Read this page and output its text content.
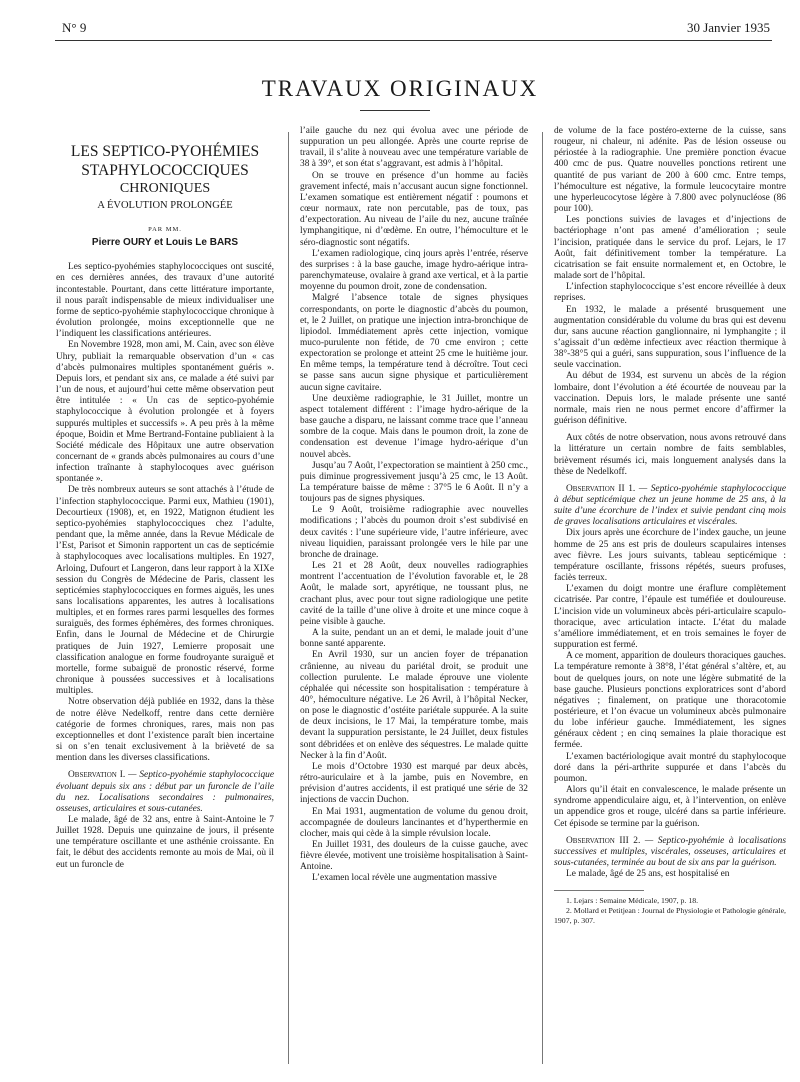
N° 9	30 Janvier 1935
TRAVAUX ORIGINAUX
LES SEPTICO-PYOHÉMIES
STAPHYLOCOCCIQUES
CHRONIQUES
A ÉVOLUTION PROLONGÉE
PAR MM.
Pierre OURY et Louis Le BARS

Les septico-pyohémies staphylococciques ont suscité, en ces dernières années, des travaux d’une autorité incontestable. Pourtant, dans cette littérature importante, il nous paraît indispensable de mieux individualiser une forme de septico-pyohémie staphylococcique chronique à évolution prolongée, moins exceptionnelle que ne l’indiquent les classifications antérieures.

En Novembre 1928, mon ami, M. Cain, avec son élève Uhry, publiait la remarquable observation d’un « cas d’abcès pulmonaires multiples spontanément guéris ». Depuis lors, et pendant six ans, ce malade a été suivi par l’un de nous, et aujourd’hui cette même observation peut être intitulée : « Un cas de septico-pyohémie staphylococcique à évolution prolongée et à foyers suppurés multiples et successifs ». A peu près à la même époque, Boidin et Mme Bertrand-Fontaine publiaient à la Société médicale des Hôpitaux une autre observation concernant de « grands abcès pulmonaires au cours d’une infection traînante à staphylocoques avec guérison spontanée ».

De très nombreux auteurs se sont attachés à l’étude de l’infection staphylococcique. Parmi eux, Mathieu (1901), Decourtieux (1908), et, en 1922, Matignon étudient les septico-pyohémies staphylococciques chez l’adulte, pendant que, la même année, dans la Revue Médicale de l’Est, Parisot et Simonin rapportent un cas de septicémie à staphylocoques avec localisations multiples. En 1927, Arloing, Dufourt et Langeron, dans leur rapport à la XIXe session du Congrès de Médecine de Paris, classent les septicémies staphylococciques en formes aiguës, les unes sans localisations apparentes, les autres à localisations multiples, et en formes rares parmi lesquelles des formes suraiguës, des formes éphémères, des formes chroniques. Enfin, dans le Journal de Médecine et de Chirurgie pratiques de Juin 1927, Lemierre proposait une classification analogue en forme foudroyante suraiguë et mortelle, forme subaiguë de pronostic réservé, forme chronique à poussées successives et à localisations multiples.

Notre observation déjà publiée en 1932, dans la thèse de notre élève Nedelkoff, rentre dans cette dernière catégorie de formes chroniques, rares, mais non pas exceptionnelles et dont l’existence paraît bien incertaine si on s’en tenait exclusivement à la brièveté de sa mention dans les diverses classifications.

Observation I. — Septico-pyohémie staphylococcique évoluant depuis six ans : début par un furoncle de l’aile du nez. Localisations secondaires : pulmonaires, osseuses, articulaires et sous-cutanées.

Le malade, âgé de 32 ans, entre à Saint-Antoine le 7 Juillet 1928. Depuis une quinzaine de jours, il présente une température oscillante et une asthénie croissante. En fait, le début des accidents remonte au mois de Mai, où il eut un furoncle de

l’aile gauche du nez qui évolua avec une période de suppuration un peu allongée. Après une courte reprise de travail, il s’alite à nouveau avec une température variable de 38 à 39°, et son état s’aggravant, est admis à l’hôpital.

On se trouve en présence d’un homme au faciès gravement infecté, mais n’accusant aucun signe fonctionnel. L’examen somatique est entièrement négatif : poumons et cœur normaux, rate non percutable, pas de toux, pas d’expectoration. Au niveau de l’aile du nez, aucune traînée lymphangitique, ni d’œdème. En outre, l’hémoculture et le séro-diagnostic sont négatifs.

L’examen radiologique, cinq jours après l’entrée, réserve des surprises : à la base gauche, image hydro-aérique intra-parenchymateuse, ovalaire à grand axe vertical, et à la partie moyenne du poumon droit, zone de condensation.

Malgré l’absence totale de signes physiques correspondants, on porte le diagnostic d’abcès du poumon, et, le 2 Juillet, on pratique une injection intra-bronchique de lipiodol. Immédiatement après cette injection, vomique muco-purulente non fétide, de 70 cme environ ; cette expectoration se prolonge et atteint 25 cme le huitième jour. En même temps, la température tend à décroître. Tout ceci se passe sans aucun signe physique et particulièrement aucun signe cavitaire.

Une deuxième radiographie, le 31 Juillet, montre un aspect totalement différent : l’image hydro-aérique de la base gauche a disparu, ne laissant comme trace que l’anneau sombre de la coque. Mais dans le poumon droit, la zone de condensation est devenue l’image hydro-aérique d’un nouvel abcès.

Jusqu’au 7 Août, l’expectoration se maintient à 250 cmc., puis diminue progressivement jusqu’à 25 cmc, le 13 Août. La température baisse de même : 37°5 le 6 Août. Il n’y a toujours pas de signes physiques.

Le 9 Août, troisième radiographie avec nouvelles modifications ; l’abcès du poumon droit s’est subdivisé en deux cavités : l’une supérieure vide, l’autre inférieure, avec niveau liquidien, paraissant prolongée vers le hile par une bronche de drainage.

Les 21 et 28 Août, deux nouvelles radiographies montrent l’accentuation de l’évolution favorable et, le 28 Août, le malade sort, apyrétique, ne toussant plus, ne crachant plus, avec pour tout signe radiologique une petite cavité de la taille d’une olive à droite et une mince coque à peine visible à gauche.

A la suite, pendant un an et demi, le malade jouit d’une bonne santé apparente.

En Avril 1930, sur un ancien foyer de trépanation crânienne, au niveau du pariétal droit, se produit une collection purulente. Le malade éprouve une violente céphalée qui nécessite son hospitalisation : température à 40°, hémoculture négative. Le 26 Avril, à l’hôpital Necker, on pose le diagnostic d’ostéite pariétale suppurée. A la suite de deux incisions, le 17 Mai, la température tombe, mais devant la suppuration persistante, le 24 Juillet, deux fistules sont débridées et on enlève des séquestres. Le malade quitte Necker à la fin d’Août.

Le mois d’Octobre 1930 est marqué par deux abcès, rétro-auriculaire et à la jambe, puis en Novembre, en prévision d’autres accidents, il est pratiqué une série de 32 injections de vaccin Duchon.

En Mai 1931, augmentation de volume du genou droit, accompagnée de douleurs lancinantes et d’hyperthermie en clocher, mais qui cède à la simple révulsion locale.

En Juillet 1931, des douleurs de la cuisse gauche, avec fièvre élevée, motivent une troisième hospitalisation à Saint-Antoine.

L’examen local révèle une augmentation massive

de volume de la face postéro-externe de la cuisse, sans rougeur, ni chaleur, ni adénite. Pas de lésion osseuse ou périostée à la radiographie. Une première ponction évacue 400 cmc de pus. Quatre nouvelles ponctions retirent une quantité de pus variant de 200 à 600 cmc. Entre temps, l’hémoculture est négative, la formule leucocytaire montre une hyperleucocytose légère à 7.800 avec polynucléose (86 pour 100).

Les ponctions suivies de lavages et d’injections de bactériophage n’ont pas amené d’amélioration ; seule l’incision, pratiquée dans le service du prof. Lejars, le 17 Août, fait définitivement tomber la température. La cicatrisation se fait ensuite normalement et, en Octobre, le malade sort de l’hôpital.

L’infection staphylococcique s’est encore réveillée à deux reprises.

En 1932, le malade a présenté brusquement une augmentation considérable du volume du bras qui est devenu dur, sans aucune réaction ganglionnaire, ni lymphangite ; il s’agissait d’un œdème infectieux avec réaction thermique à 38°-38°5 qui a guéri, sans suppuration, sous l’influence de la seule vaccination.

Au début de 1934, est survenu un abcès de la région lombaire, dont l’évolution a été écourtée de nouveau par la vaccination. Depuis lors, le malade présente une santé normale, mais rien ne nous permet encore d’affirmer la guérison définitive.

Aux côtés de notre observation, nous avons retrouvé dans la littérature un certain nombre de faits semblables, brièvement résumés ici, mais longuement analysés dans la thèse de Nedelkoff.

Observation II 1. — Septico-pyohémie staphylococcique à début septicémique chez un jeune homme de 25 ans, à la suite d’une écorchure de l’index et suivie pendant cinq mois de graves localisations articulaires et viscérales.

Dix jours après une écorchure de l’index gauche, un jeune homme de 25 ans est pris de douleurs scapulaires intenses avec fièvre. Les jours suivants, tableau septicémique : température oscillante, frissons répétés, sueurs profuses, faciès terreux.

L’examen du doigt montre une éraflure complètement cicatrisée. Par contre, l’épaule est tuméfiée et douloureuse. L’incision vide un volumineux abcès péri-articulaire scapulo-thoracique, avec articulation intacte. L’état du malade s’améliore immédiatement, et en trois semaines le foyer de suppuration est fermé.

A ce moment, apparition de douleurs thoraciques gauches. La température remonte à 38°8, l’état général s’altère, et, au bout de quelques jours, on note une légère submatité de la base gauche. Plusieurs ponctions exploratrices sont d’abord négatives ; finalement, on pratique une thoracotomie postérieure, et l’on évacue un volumineux abcès pulmonaire du lobe inférieur gauche. Immédiatement, les signes généraux cèdent ; en cinq semaines la plaie thoracique est fermée.

L’examen bactériologique avait montré du staphylocoque doré dans la péri-arthrite suppurée et dans l’abcès du poumon.

Alors qu’il était en convalescence, le malade présente un syndrome appendiculaire aigu, et, à l’intervention, on enlève un appendice gros et rouge, ulcéré dans sa partie inférieure. Cet épisode se termine par la guérison.

Observation III 2. — Septico-pyohémie à localisations successives et multiples, viscérales, osseuses, articulaires et sous-cutanées, terminée au bout de six ans par la guérison.

Le malade, âgé de 25 ans, est hospitalisé en

1. Lejars : Semaine Médicale, 1907, p. 18.

2. Mollard et Petitjean : Journal de Physiologie et Pathologie générale, 1907, p. 307.
